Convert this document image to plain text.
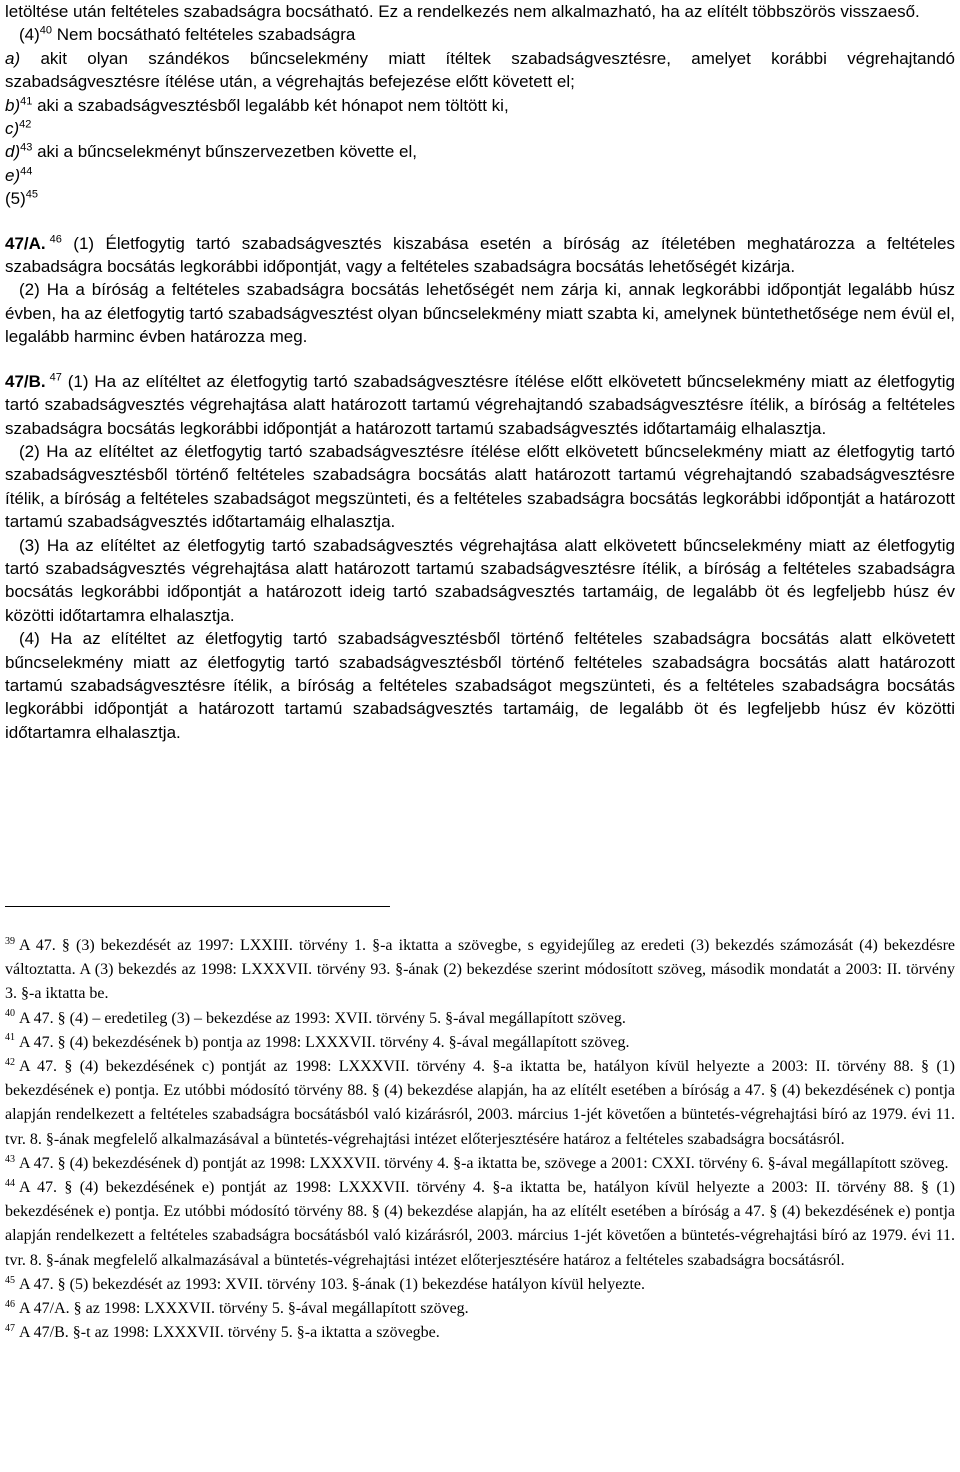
letöltése után feltételes szabadságra bocsátható. Ez a rendelkezés nem alkalmazható, ha az elítélt többszörös visszaeső.

$(4)^{40}$ Nem bocsátható feltételes szabadságra

a) akit olyan szándékos bűncselekmény miatt ítéltek szabadságvesztésre, amelyet korábbi végrehajtandó szabadságvesztésre ítélése után, a végrehajtás befejezése előtt követett el;

b)$^{41}$ aki a szabadságvesztésből legalább két hónapot nem töltött ki,

c)$^{42}$

d)$^{43}$ aki a bűncselekményt bűnszervezetben követte el,

e)$^{44}$

$(5)^{45}$

47/A. $^{46}$ (1) Életfogytig tartó szabadságvesztés kiszabása esetén a bíróság az ítéletében meghatározza a feltételes szabadságra bocsátás legkorábbi időpontját, vagy a feltételes szabadságra bocsátás lehetőségét kizárja.

(2) Ha a bíróság a feltételes szabadságra bocsátás lehetőségét nem zárja ki, annak legkorábbi időpontját legalább húsz évben, ha az életfogytig tartó szabadságvesztést olyan bűncselekmény miatt szabta ki, amelynek büntethetősége nem évül el, legalább harminc évben határozza meg.

47/B. $^{47}$ (1) Ha az elítéltet az életfogytig tartó szabadságvesztésre ítélése előtt elkövetett bűncselekmény miatt az életfogytig tartó szabadságvesztés végrehajtása alatt határozott tartamú végrehajtandó szabadságvesztésre ítélik, a bíróság a feltételes szabadságra bocsátás legkorábbi időpontját a határozott tartamú szabadságvesztés időtartamáig elhalasztja.

(2) Ha az elítéltet az életfogytig tartó szabadságvesztésre ítélése előtt elkövetett bűncselekmény miatt az életfogytig tartó szabadságvesztésből történő feltételes szabadságra bocsátás alatt határozott tartamú végrehajtandó szabadságvesztésre ítélik, a bíróság a feltételes szabadságot megszünteti, és a feltételes szabadságra bocsátás legkorábbi időpontját a határozott tartamú szabadságvesztés időtartamáig elhalasztja.

(3) Ha az elítéltet az életfogytig tartó szabadságvesztés végrehajtása alatt elkövetett bűncselekmény miatt az életfogytig tartó szabadságvesztés végrehajtása alatt határozott tartamú szabadságvesztésre ítélik, a bíróság a feltételes szabadságra bocsátás legkorábbi időpontját a határozott ideig tartó szabadságvesztés tartamáig, de legalább öt és legfeljebb húsz év közötti időtartamra elhalasztja.

(4) Ha az elítéltet az életfogytig tartó szabadságvesztésből történő feltételes szabadságra bocsátás alatt elkövetett bűncselekmény miatt az életfogytig tartó szabadságvesztésből történő feltételes szabadságra bocsátás alatt határozott tartamú szabadságvesztésre ítélik, a bíróság a feltételes szabadságot megszünteti, és a feltételes szabadságra bocsátás legkorábbi időpontját a határozott tartamú szabadságvesztés tartamáig, de legalább öt és legfeljebb húsz év közötti időtartamra elhalasztja.

$^{39}$ A 47. § (3) bekezdését az 1997: LXXIII. törvény 1. §-a iktatta a szövegbe, s egyidejűleg az eredeti (3) bekezdés számozását (4) bekezdésre változtatta. A (3) bekezdés az 1998: LXXXVII. törvény 93. §-ának (2) bekezdése szerint módosított szöveg, második mondatát a 2003: II. törvény 3. §-a iktatta be.

$^{40}$ A 47. § (4) – eredetileg (3) – bekezdése az 1993: XVII. törvény 5. §-ával megállapított szöveg.

$^{41}$ A 47. § (4) bekezdésének b) pontja az 1998: LXXXVII. törvény 4. §-ával megállapított szöveg.

$^{42}$ A 47. § (4) bekezdésének c) pontját az 1998: LXXXVII. törvény 4. §-a iktatta be, hatályon kívül helyezte a 2003: II. törvény 88. § (1) bekezdésének e) pontja. Ez utóbbi módosító törvény 88. § (4) bekezdése alapján, ha az elítélt esetében a bíróság a 47. § (4) bekezdésének c) pontja alapján rendelkezett a feltételes szabadságra bocsátásból való kizárásról, 2003. március 1-jét követően a büntetés-végrehajtási bíró az 1979. évi 11. tvr. 8. §-ának megfelelő alkalmazásával a büntetés-végrehajtási intézet előterjesztésére határoz a feltételes szabadságra bocsátásról.

$^{43}$ A 47. § (4) bekezdésének d) pontját az 1998: LXXXVII. törvény 4. §-a iktatta be, szövege a 2001: CXXI. törvény 6. §-ával megállapított szöveg.

$^{44}$ A 47. § (4) bekezdésének e) pontját az 1998: LXXXVII. törvény 4. §-a iktatta be, hatályon kívül helyezte a 2003: II. törvény 88. § (1) bekezdésének e) pontja. Ez utóbbi módosító törvény 88. § (4) bekezdése alapján, ha az elítélt esetében a bíróság a 47. § (4) bekezdésének e) pontja alapján rendelkezett a feltételes szabadságra bocsátásból való kizárásról, 2003. március 1-jét követően a büntetés-végrehajtási bíró az 1979. évi 11. tvr. 8. §-ának megfelelő alkalmazásával a büntetés-végrehajtási intézet előterjesztésére határoz a feltételes szabadságra bocsátásról.

$^{45}$ A 47. § (5) bekezdését az 1993: XVII. törvény 103. §-ának (1) bekezdése hatályon kívül helyezte.

$^{46}$ A 47/A. § az 1998: LXXXVII. törvény 5. §-ával megállapított szöveg.

$^{47}$ A 47/B. §-t az 1998: LXXXVII. törvény 5. §-a iktatta a szövegbe.
